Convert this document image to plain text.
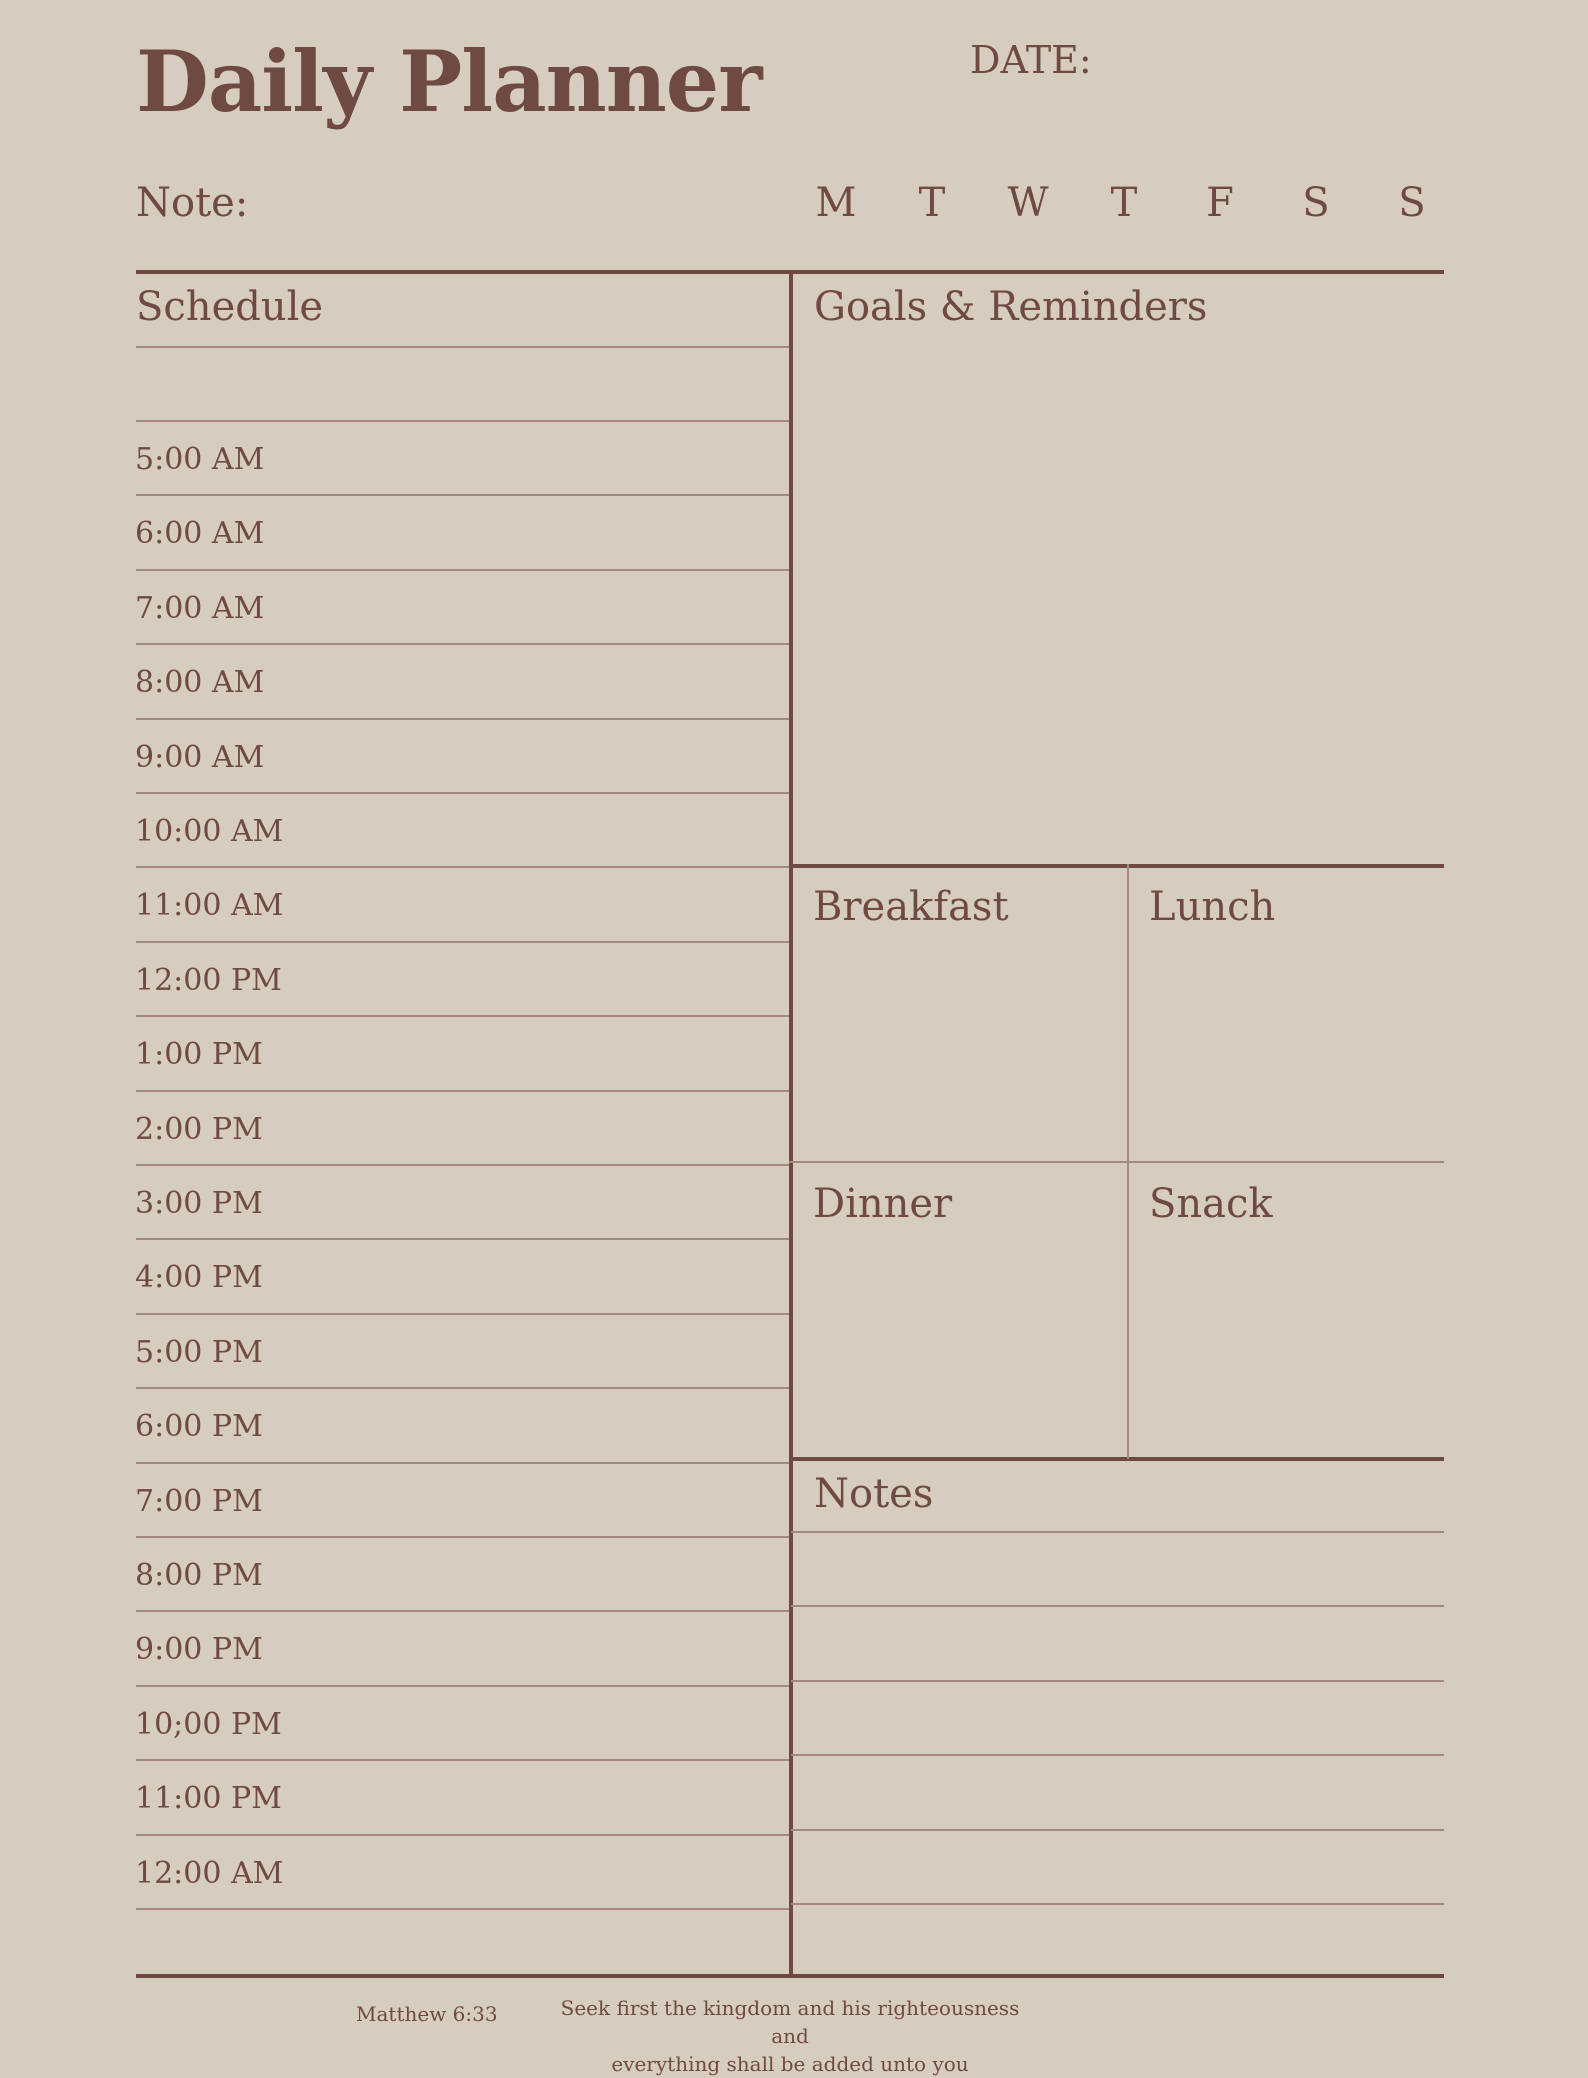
Daily Planner	DATE:
Note:	M	T	W	T	F	S	S
Schedule
5:00 AM
6:00 AM
7:00 AM
8:00 AM
9:00 AM
10:00 AM
11:00 AM
12:00 PM
1:00 PM
2:00 PM
3:00 PM
4:00 PM
5:00 PM
6:00 PM
7:00 PM
8:00 PM
9:00 PM
10;00 PM
11:00 PM
12:00 AM
Goals & Reminders
Breakfast	Lunch
Dinner	Snack
Notes
Matthew 6:33	Seek first the kingdom and his righteousness and
everything shall be added unto you
